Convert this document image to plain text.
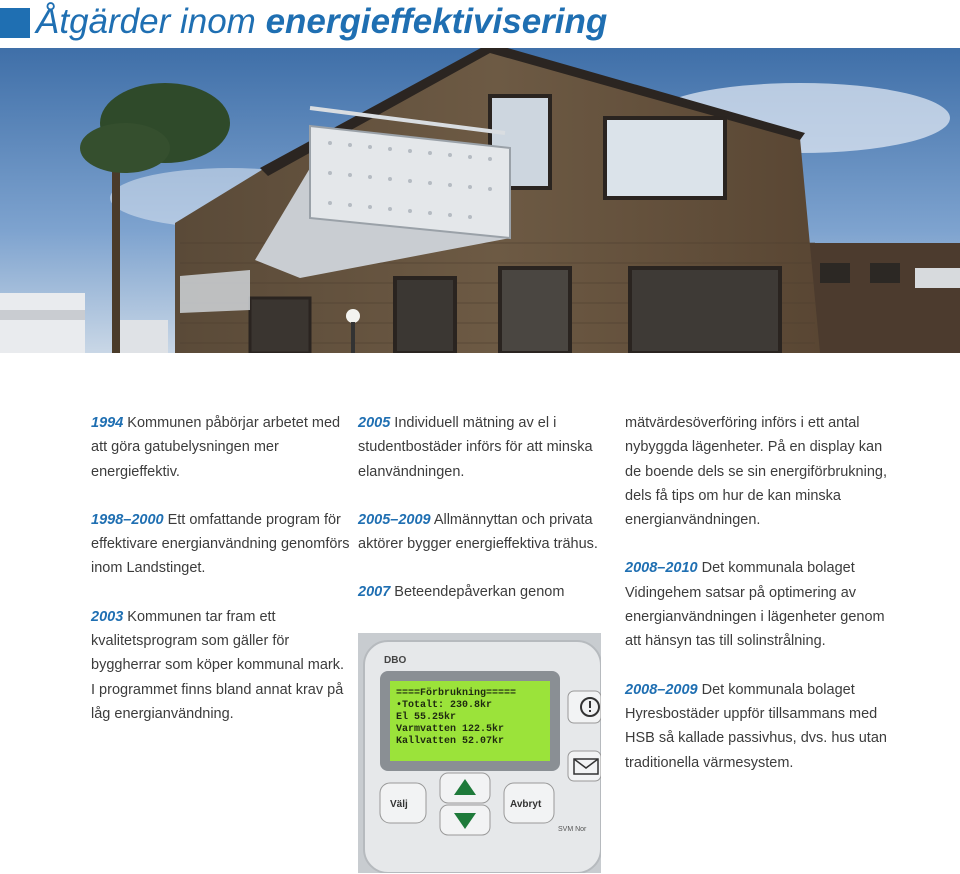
Åtgärder inom energieffektivisering

1994 Kommunen påbörjar arbetet med att göra gatubelysningen mer energieffektiv.

1998–2000 Ett omfattande program för effektivare energianvändning genomförs inom Landstinget.

2003 Kommunen tar fram ett kvalitetsprogram som gäller för byggherrar som köper kommunal mark. I programmet finns bland annat krav på låg energianvändning.

2005 Individuell mätning av el i studentbostäder införs för att minska elanvändningen.

2005–2009 Allmännyttan och privata aktörer bygger energieffektiva trähus.

2007 Beteendepåverkan genom

DBO
====Förbrukning=====
•Totalt: 230.8kr
El 55.25kr
Varmvatten 122.5kr
Kallvatten 52.07kr
Välj	Avbryt
SVM Nor

mätvärdesöverföring införs i ett antal nybyggda lägenheter. På en display kan de boende dels se sin energiförbrukning, dels få tips om hur de kan minska energianvändningen.

2008–2010 Det kommunala bolaget Vidingehem satsar på optimering av energianvändningen i lägenheter genom att hänsyn tas till solinstrålning.

2008–2009 Det kommunala bolaget Hyresbostäder uppför tillsammans med HSB så kallade passivhus, dvs. hus utan traditionella värmesystem.
